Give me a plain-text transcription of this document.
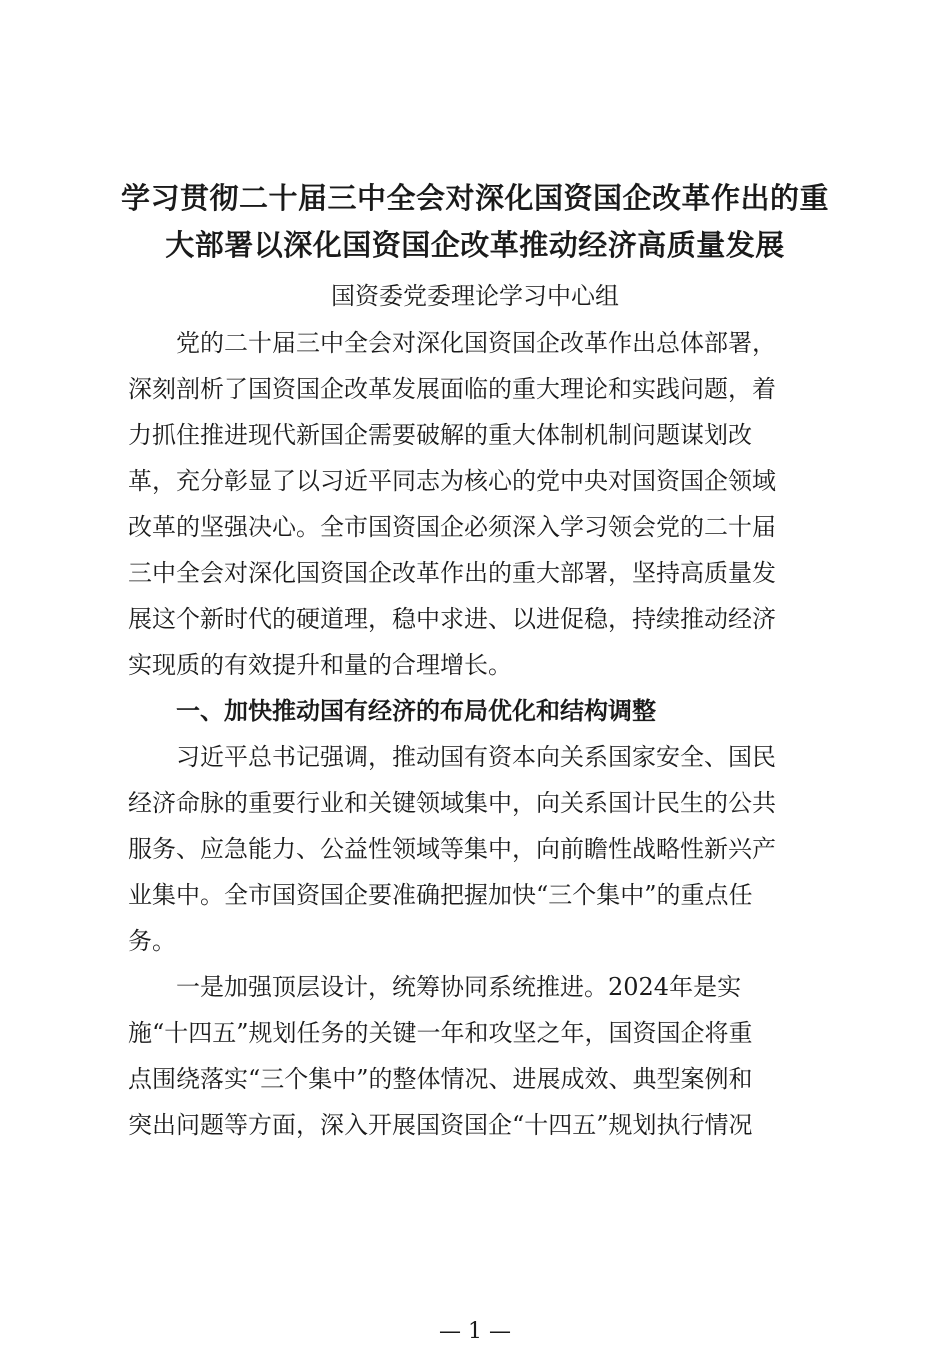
学习贯彻二十届三中全会对深化国资国企改革作出的重
大部署以深化国资国企改革推动经济高质量发展

国资委党委理论学习中心组

　　党的二十届三中全会对深化国资国企改革作出总体部署，

深刻剖析了国资国企改革发展面临的重大理论和实践问题，着

力抓住推进现代新国企需要破解的重大体制机制问题谋划改

革，充分彰显了以习近平同志为核心的党中央对国资国企领域

改革的坚强决心。全市国资国企必须深入学习领会党的二十届

三中全会对深化国资国企改革作出的重大部署，坚持高质量发

展这个新时代的硬道理，稳中求进、以进促稳，持续推动经济

实现质的有效提升和量的合理增长。

　　一、加快推动国有经济的布局优化和结构调整

　　习近平总书记强调，推动国有资本向关系国家安全、国民

经济命脉的重要行业和关键领域集中，向关系国计民生的公共

服务、应急能力、公益性领域等集中，向前瞻性战略性新兴产

业集中。全市国资国企要准确把握加快“三个集中”的重点任

务。

　　一是加强顶层设计，统筹协同系统推进。2024年是实

施“十四五”规划任务的关键一年和攻坚之年，国资国企将重

点围绕落实“三个集中”的整体情况、进展成效、典型案例和

突出问题等方面，深入开展国资国企“十四五”规划执行情况

— 1 —
